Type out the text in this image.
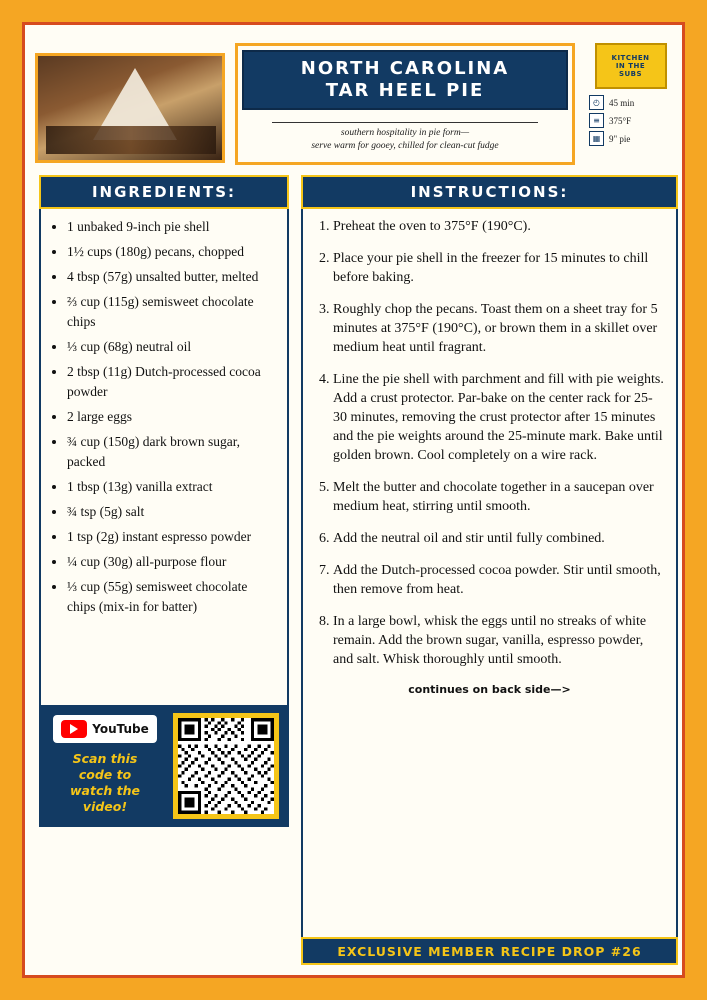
NORTH CAROLINA
TAR HEEL PIE
southern hospitality in pie form—
serve warm for gooey, chilled for clean-cut fudge
KITCHEN
IN THE
SUBS
◴	45 min
≡	375°F
▦ 9" pie
INGREDIENTS:
• 1 unbaked 9-inch pie shell
• 1½ cups (180g) pecans, chopped
• 4 tbsp (57g) unsalted butter, melted
• ⅔ cup (115g) semisweet chocolate chips
• ⅓ cup (68g) neutral oil
• 2 tbsp (11g) Dutch-processed cocoa powder
• 2 large eggs
• ¾ cup (150g) dark brown sugar, packed
• 1 tbsp (13g) vanilla extract
• ¾ tsp (5g) salt
• 1 tsp (2g) instant espresso powder
• ¼ cup (30g) all-purpose flour
• ⅓ cup (55g) semisweet chocolate chips (mix-in for batter)
INSTRUCTIONS:
1. Preheat the oven to 375°F (190°C).
2. Place your pie shell in the freezer for 15 minutes to chill before baking.
3. Roughly chop the pecans. Toast them on a sheet tray for 5 minutes at 375°F (190°C), or brown them in a skillet over medium heat until fragrant.
4. Line the pie shell with parchment and fill with pie weights. Add a crust protector. Par-bake on the center rack for 25-30 minutes, removing the crust protector after 15 minutes and the pie weights around the 25-minute mark. Bake until golden brown. Cool completely on a wire rack.
5. Melt the butter and chocolate together in a saucepan over medium heat, stirring until smooth.
6. Add the neutral oil and stir until fully combined.
7. Add the Dutch-processed cocoa powder. Stir until smooth, then remove from heat.
8. In a large bowl, whisk the eggs until no streaks of white remain. Add the brown sugar, vanilla, espresso powder, and salt. Whisk thoroughly until smooth.
continues on back side—>
YouTube
Scan this
code to
watch the
video!
EXCLUSIVE MEMBER RECIPE DROP #26
